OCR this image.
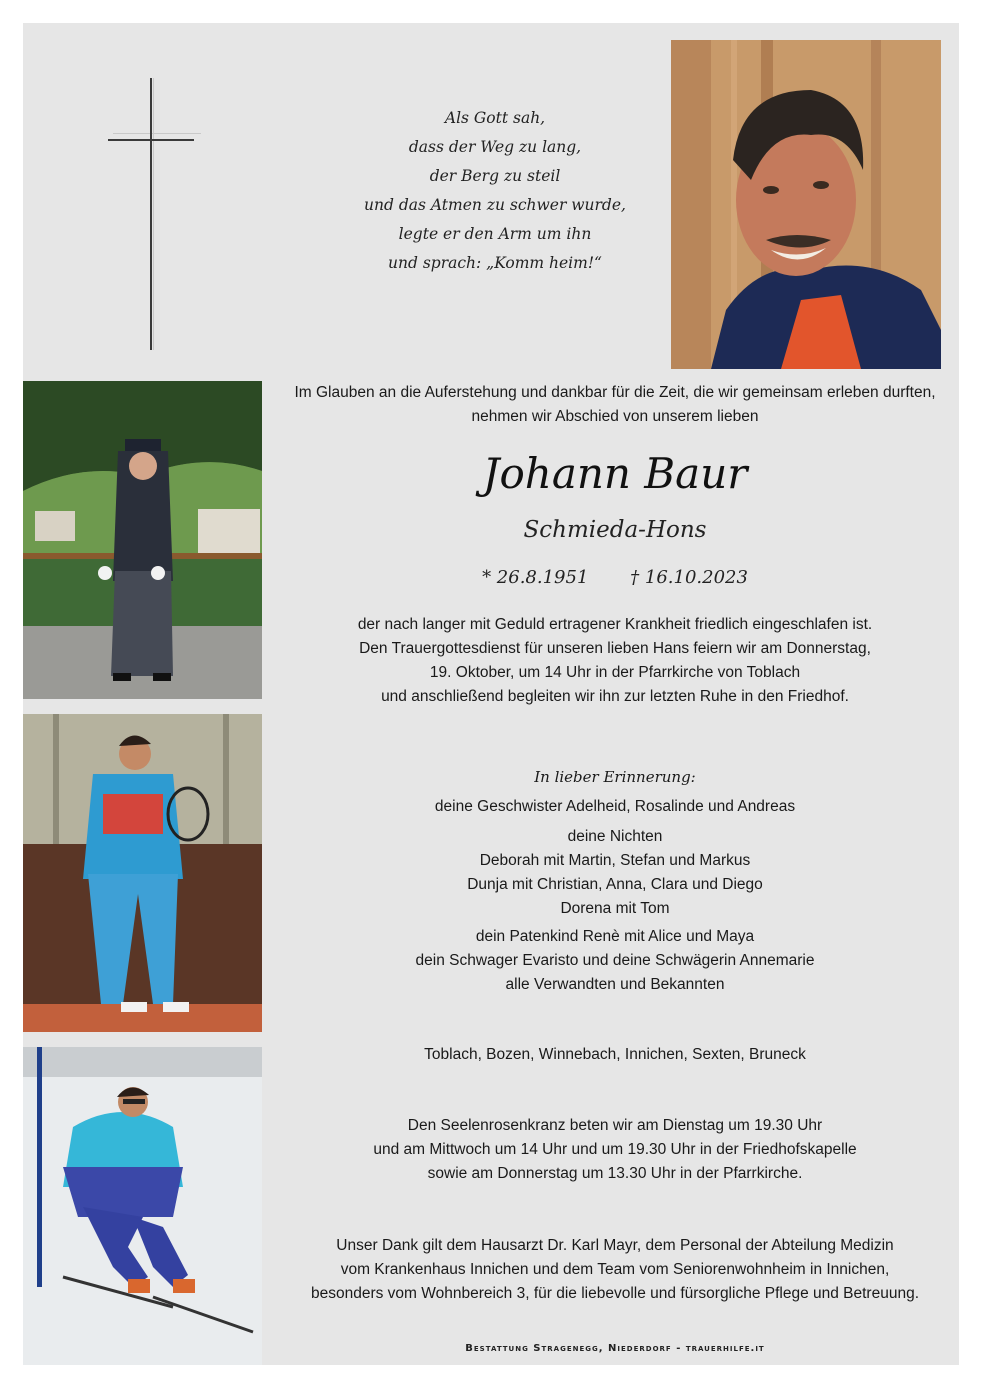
Als Gott sah,
dass der Weg zu lang,
der Berg zu steil
und das Atmen zu schwer wurde,
legte er den Arm um ihn
und sprach: „Komm heim!“
Im Glauben an die Auferstehung und dankbar für die Zeit, die wir gemeinsam erleben durften,
nehmen wir Abschied von unserem lieben
Johann Baur
Schmieda-Hons
* 26.8.1951 † 16.10.2023
der nach langer mit Geduld ertragener Krankheit friedlich eingeschlafen ist.
Den Trauergottesdienst für unseren lieben Hans feiern wir am Donnerstag,
19. Oktober, um 14 Uhr in der Pfarrkirche von Toblach
und anschließend begleiten wir ihn zur letzten Ruhe in den Friedhof.
In lieber Erinnerung:
deine Geschwister Adelheid, Rosalinde und Andreas
deine Nichten
Deborah mit Martin, Stefan und Markus
Dunja mit Christian, Anna, Clara und Diego
Dorena mit Tom
dein Patenkind Renè mit Alice und Maya
dein Schwager Evaristo und deine Schwägerin Annemarie
alle Verwandten und Bekannten
Toblach, Bozen, Winnebach, Innichen, Sexten, Bruneck
Den Seelenrosenkranz beten wir am Dienstag um 19.30 Uhr
und am Mittwoch um 14 Uhr und um 19.30 Uhr in der Friedhofskapelle
sowie am Donnerstag um 13.30 Uhr in der Pfarrkirche.
Unser Dank gilt dem Hausarzt Dr. Karl Mayr, dem Personal der Abteilung Medizin
vom Krankenhaus Innichen und dem Team vom Seniorenwohnheim in Innichen,
besonders vom Wohnbereich 3, für die liebevolle und fürsorgliche Pflege und Betreuung.
Bestattung Stragenegg, Niederdorf - trauerhilfe.it
